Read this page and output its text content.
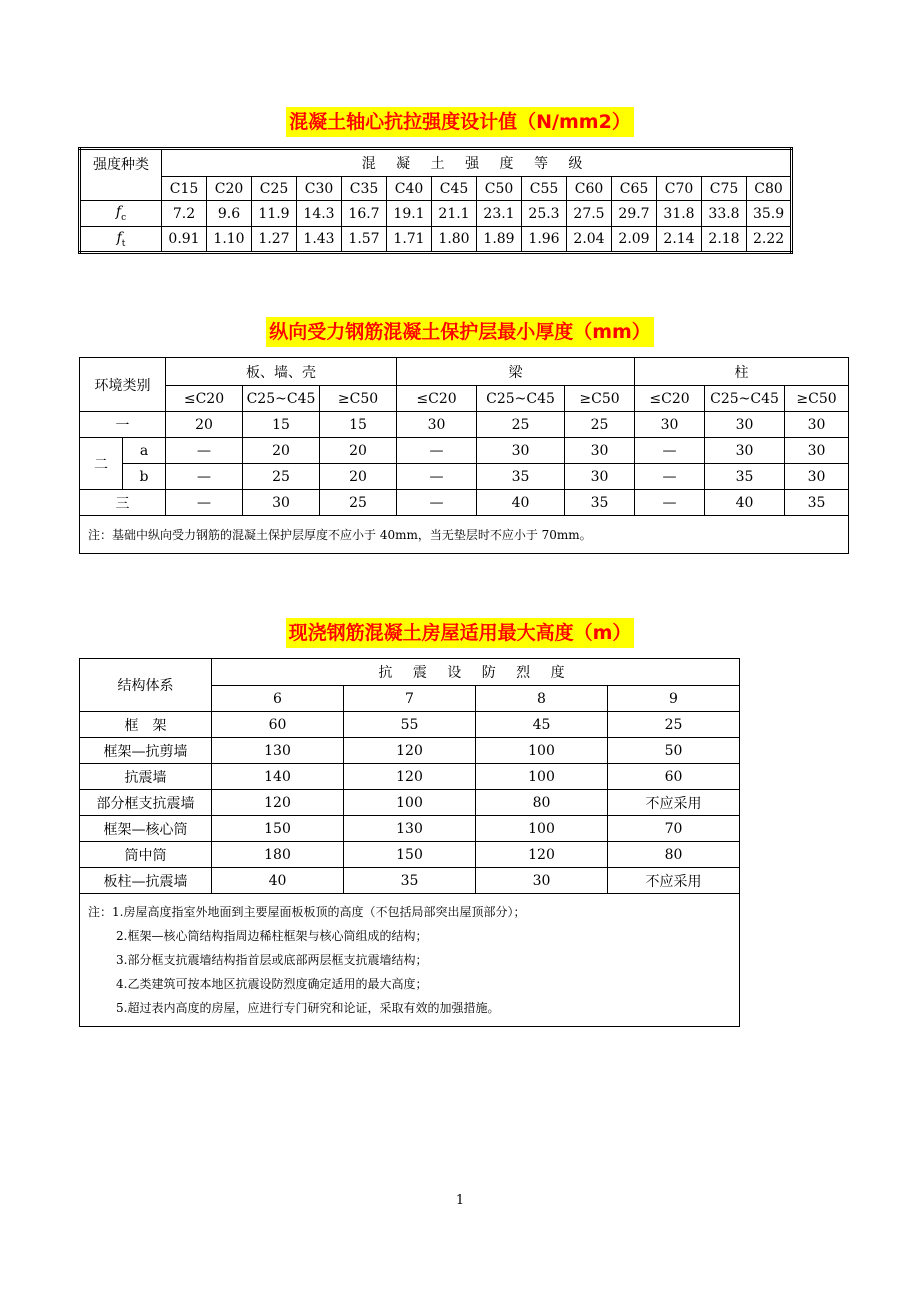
混凝土轴心抗拉强度设计值（N/mm2）
强度种类	混 凝 土 强 度 等 级													
	C15	C20	C25	C30	C35	C40	C45	C50	C55	C60	C65	C70	C75	C80
$f_c$	7.2	9.6	11.9	14.3	16.7	19.1	21.1	23.1	25.3	27.5	29.7	31.8	33.8	35.9
$f_t$	0.91	1.10	1.27	1.43	1.57	1.71	1.80	1.89	1.96	2.04	2.09	2.14	2.18	2.22
纵向受力钢筋混凝土保护层最小厚度（mm）
环境类别		板、墙、壳			梁			柱		
		≤C20	C25~C45	≥C50	≤C20	C25~C45	≥C50	≤C20	C25~C45	≥C50
一		20	15	15	30	25	25	30	30	30
二	a	—	20	20	—	30	30	—	30	30
	b	—	25	20	—	35	30	—	35	30
三		—	30	25	—	40	35	—	40	35
注：基础中纵向受力钢筋的混凝土保护层厚度不应小于 40mm，当无垫层时不应小于 70mm。										
现浇钢筋混凝土房屋适用最大高度（m）
结构体系	抗 震 设 防 烈 度			
	6	7	8	9
框　架	60	55	45	25
框架—抗剪墙	130	120	100	50
抗震墙	140	120	100	60
部分框支抗震墙	120	100	80	不应采用
框架—核心筒	150	130	100	70
筒中筒	180	150	120	80
板柱—抗震墙	40	35	30	不应采用

注：1.房屋高度指室外地面到主要屋面板板顶的高度（不包括局部突出屋顶部分）；
2.框架—核心筒结构指周边稀柱框架与核心筒组成的结构；
3.部分框支抗震墙结构指首层或底部两层框支抗震墙结构；
4.乙类建筑可按本地区抗震设防烈度确定适用的最大高度；
5.超过表内高度的房屋，应进行专门研究和论证，采取有效的加强措施。				
1
